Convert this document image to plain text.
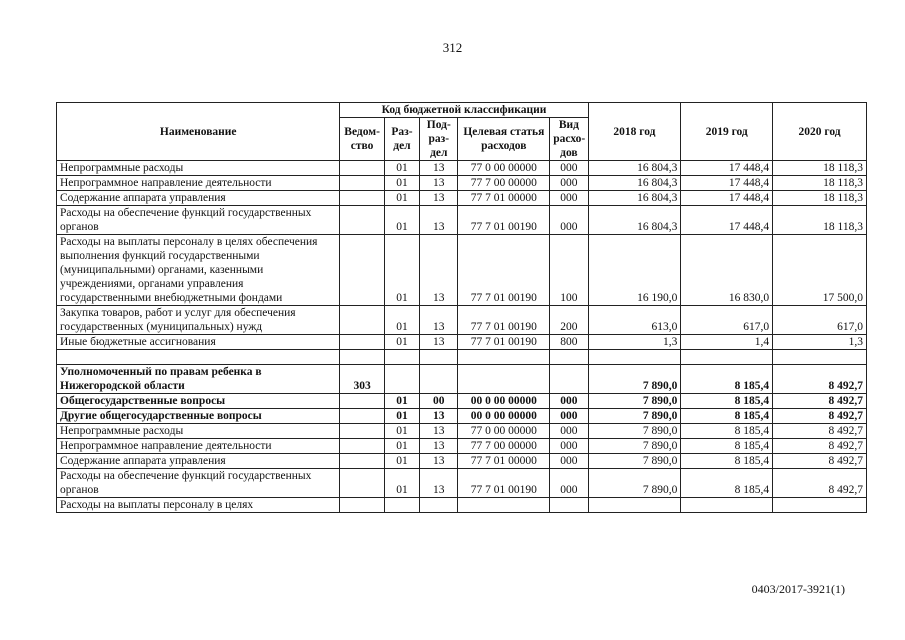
312
Наименование	Код бюджетной классификации					2018 год	2019 год	2020 год
	Ведом-ство	Раз-дел	Под-раз-дел	Целевая статья расходов	Вид расхо-дов			
Непрограммные расходы		01	13	77 0 00 00000	000	16 804,3	17 448,4	18 118,3
Непрограммное направление деятельности		01	13	77 7 00 00000	000	16 804,3	17 448,4	18 118,3
Содержание аппарата управления		01	13	77 7 01 00000	000	16 804,3	17 448,4	18 118,3
Расходы на обеспечение функций государственных органов		01	13	77 7 01 00190	000	16 804,3	17 448,4	18 118,3
Расходы на выплаты персоналу в целях обеспечения выполнения функций государственными (муниципальными) органами, казенными учреждениями, органами управления государственными внебюджетными фондами		01	13	77 7 01 00190	100	16 190,0	16 830,0	17 500,0
Закупка товаров, работ и услуг для обеспечения государственных (муниципальных) нужд		01	13	77 7 01 00190	200	613,0	617,0	617,0
Иные бюджетные ассигнования		01	13	77 7 01 00190	800	1,3	1,4	1,3

Уполномоченный по правам ребенка в Нижегородской области	303					7 890,0	8 185,4	8 492,7
Общегосударственные вопросы		01	00	00 0 00 00000	000	7 890,0	8 185,4	8 492,7
Другие общегосударственные вопросы		01	13	00 0 00 00000	000	7 890,0	8 185,4	8 492,7
Непрограммные расходы		01	13	77 0 00 00000	000	7 890,0	8 185,4	8 492,7
Непрограммное направление деятельности		01	13	77 7 00 00000	000	7 890,0	8 185,4	8 492,7
Содержание аппарата управления		01	13	77 7 01 00000	000	7 890,0	8 185,4	8 492,7
Расходы на обеспечение функций государственных органов		01	13	77 7 01 00190	000	7 890,0	8 185,4	8 492,7
Расходы на выплаты персоналу в целях								
0403/2017-3921(1)
